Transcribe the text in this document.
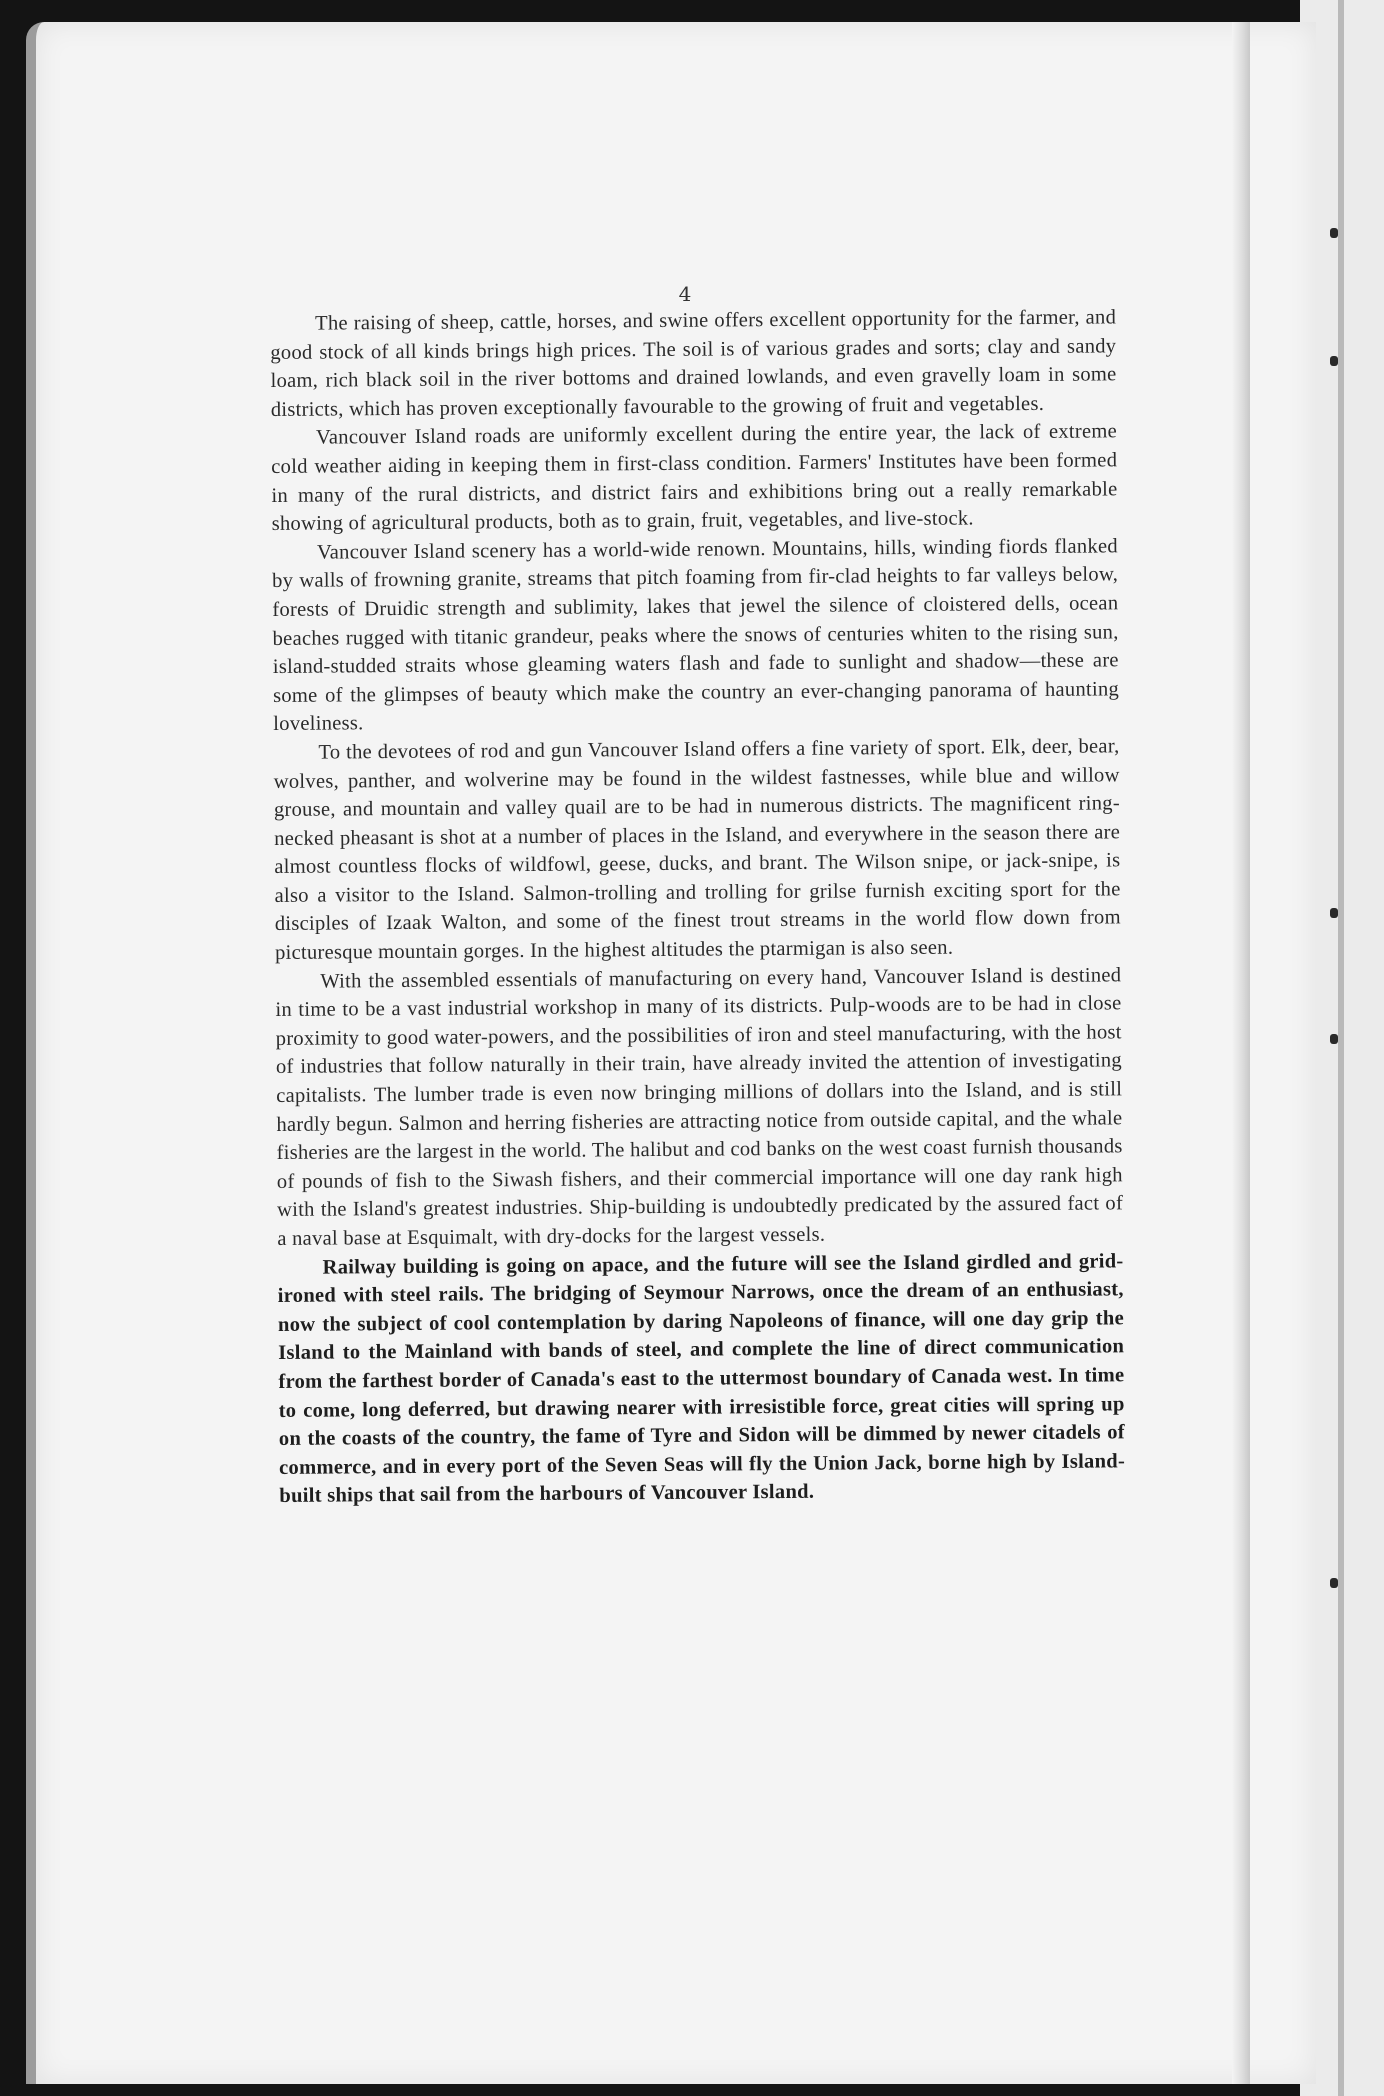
4

The raising of sheep, cattle, horses, and swine offers excellent opportunity for the farmer, and good stock of all kinds brings high prices. The soil is of various grades and sorts; clay and sandy loam, rich black soil in the river bottoms and drained lowlands, and even gravelly loam in some districts, which has proven exceptionally favourable to the growing of fruit and vegetables.

Vancouver Island roads are uniformly excellent during the entire year, the lack of extreme cold weather aiding in keeping them in first-class condition. Farmers' Institutes have been formed in many of the rural districts, and district fairs and exhibitions bring out a really remarkable showing of agricultural products, both as to grain, fruit, vegetables, and live-stock.

Vancouver Island scenery has a world-wide renown. Mountains, hills, winding fiords flanked by walls of frowning granite, streams that pitch foaming from fir-clad heights to far valleys below, forests of Druidic strength and sublimity, lakes that jewel the silence of cloistered dells, ocean beaches rugged with titanic grandeur, peaks where the snows of centuries whiten to the rising sun, island-studded straits whose gleaming waters flash and fade to sunlight and shadow—these are some of the glimpses of beauty which make the country an ever-changing panorama of haunting loveliness.

To the devotees of rod and gun Vancouver Island offers a fine variety of sport. Elk, deer, bear, wolves, panther, and wolverine may be found in the wildest fastnesses, while blue and willow grouse, and mountain and valley quail are to be had in numerous districts. The magnificent ring-necked pheasant is shot at a number of places in the Island, and everywhere in the season there are almost countless flocks of wildfowl, geese, ducks, and brant. The Wilson snipe, or jack-snipe, is also a visitor to the Island. Salmon-trolling and trolling for grilse furnish exciting sport for the disciples of Izaak Walton, and some of the finest trout streams in the world flow down from picturesque mountain gorges. In the highest altitudes the ptarmigan is also seen.

With the assembled essentials of manufacturing on every hand, Vancouver Island is destined in time to be a vast industrial workshop in many of its districts. Pulp-woods are to be had in close proximity to good water-powers, and the possibilities of iron and steel manufacturing, with the host of industries that follow naturally in their train, have already invited the attention of investigating capitalists. The lumber trade is even now bringing millions of dollars into the Island, and is still hardly begun. Salmon and herring fisheries are attracting notice from outside capital, and the whale fisheries are the largest in the world. The halibut and cod banks on the west coast furnish thousands of pounds of fish to the Siwash fishers, and their commercial importance will one day rank high with the Island's greatest industries. Ship-building is undoubtedly predicated by the assured fact of a naval base at Esquimalt, with dry-docks for the largest vessels.

Railway building is going on apace, and the future will see the Island girdled and grid-ironed with steel rails. The bridging of Seymour Narrows, once the dream of an enthusiast, now the subject of cool contemplation by daring Napoleons of finance, will one day grip the Island to the Mainland with bands of steel, and complete the line of direct communication from the farthest border of Canada's east to the uttermost boundary of Canada west. In time to come, long deferred, but drawing nearer with irresistible force, great cities will spring up on the coasts of the country, the fame of Tyre and Sidon will be dimmed by newer citadels of commerce, and in every port of the Seven Seas will fly the Union Jack, borne high by Island-built ships that sail from the harbours of Vancouver Island.
